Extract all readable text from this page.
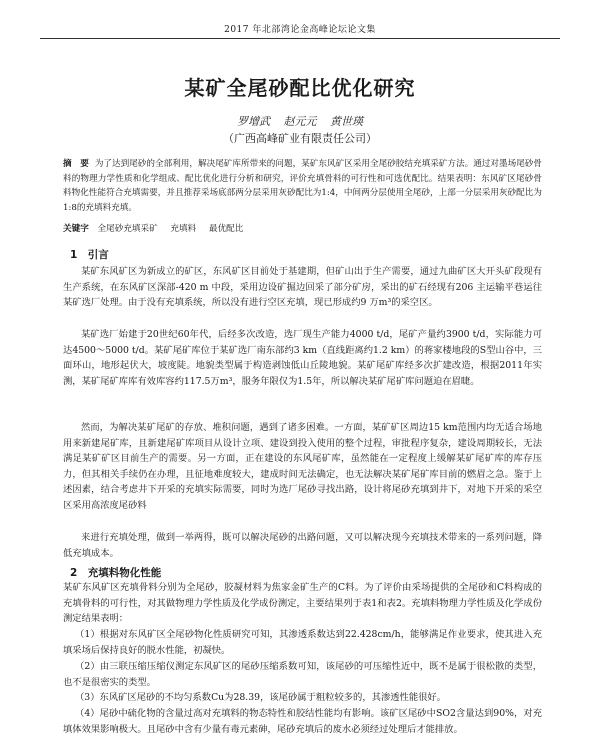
2017 年北部湾论金高峰论坛论文集
某矿全尾砂配比优化研究
罗增武 赵元元 黄世瑛
（广西高峰矿业有限责任公司）
摘　要 为了达到尾砂的全部利用，解决尾矿库所带来的问题，某矿东风矿区采用全尾砂胶结充填采矿方法。通过对墨场尾砂骨料的物理力学性质和化学组成、配比优化进行分析和研究，评价充填骨料的可行性和可选优配比。结果表明：东风矿区尾砂骨料物化性能符合充填需要，并且推荐采场底部两分层采用灰砂配比为1:4，中间两分层使用全尾砂，上部一分层采用灰砂配比为1:8的充填料充填。
关键字 全尾砂充填采矿 充填料 最优配比
1　引言
某矿东风矿区为新成立的矿区，东风矿区目前处于基建期，但矿山出于生产需要，通过九曲矿区大开头矿段现有生产系统，在东风矿区深部-420 m 中段，采用边设矿掘边回采了部分矿房，采出的矿石经现有206 主运输平巷运往某矿选厂处理。由于没有充填系统，所以没有进行空区充填，现已形成约9 万m³的采空区。
某矿选厂始建于20世纪60年代，后经多次改造，选厂现生产能力4000 t/d，尾矿产量约3900 t/d，实际能力可达4500～5000 t/d。某矿尾矿库位于某矿选厂南东部约3 km（直线距离约1.2 km）的蒋家楼地段的S型山谷中，三面环山，地形起伏大，坡度陡。地貌类型属于构造剥蚀低山丘陵地貌。某矿尾矿库经多次扩建改造，根据2011年实测，某矿尾矿库库有效库容约117.5万m³，服务年限仅为1.5年，所以解决某矿尾矿库问题迫在眉睫。
然而，为解决某矿尾矿的存放、堆积问题，遇到了诸多困难。一方面，某矿矿区周边15 km范围内均无适合场地用来新建尾矿库，且新建尾矿库项目从设计立项、建设到投入使用的整个过程，审批程序复杂，建设周期较长，无法满足某矿矿区目前生产的需要。另一方面，正在建设的东风尾矿库，虽然能在一定程度上缓解某矿尾矿库的库存压力，但其相关手续仍在办理，且征地难度较大，建成时间无法确定，也无法解决某矿尾矿库目前的燃眉之急。鉴于上述因素，结合考虑井下开采的充填实际需要，同时为选厂尾砂寻找出路，设计将尾砂充填到井下，对地下开采的采空区采用高浓度尾砂料
来进行充填处理，做到一举两得，既可以解决尾砂的出路问题，又可以解决现今充填技术带来的一系列问题，降低充填成本。
2　充填料物化性能
某矿东风矿区充填骨料分别为全尾砂，胶凝材料为焦家金矿生产的C料。为了评价由采场提供的全尾砂和C料构成的充填骨料的可行性，对其做物理力学性质及化学成份测定，主要结果列于表1和表2。充填料物理力学性质及化学成份测定结果表明：
（1）根据对东风矿区全尾砂物化性质研究可知，其渗透系数达到22.428cm/h，能够满足作业要求，使其进入充填采场后保持良好的脱水性能，初凝快。
（2）由三联压缩压缩仪测定东风矿区的尾砂压缩系数可知，该尾砂的可压缩性近中，既不是属于很松散的类型，也不是很密实的类型。
（3）东风矿区尾砂的不均匀系数Cu为28.39，该尾砂属于粗粒较多的，其渗透性能很好。
（4）尾砂中硫化物的含量过高对充填料的物态特性和胶结性能均有影响。该矿区尾砂中SO2含量达到90%，对充填体效果影响极大。且尾砂中含有少量有毒元素砷，尾砂充填后的废水必须经过处理后才能排放。
